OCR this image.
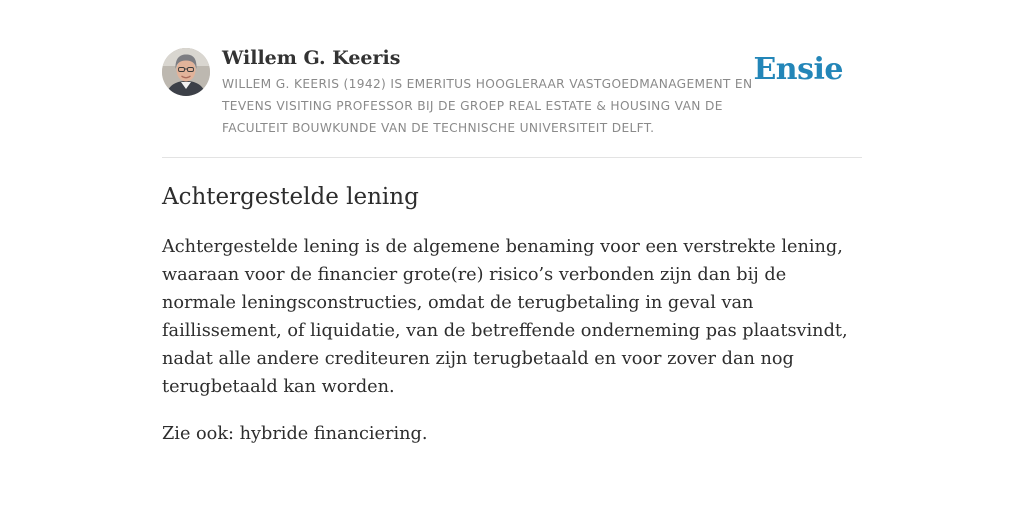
Willem G. Keeris

WILLEM G. KEERIS (1942) IS EMERITUS HOOGLERAAR VASTGOEDMANAGEMENT EN TEVENS VISITING PROFESSOR BIJ DE GROEP REAL ESTATE & HOUSING VAN DE FACULTEIT BOUWKUNDE VAN DE TECHNISCHE UNIVERSITEIT DELFT.

Ensie
Achtergestelde lening

Achtergestelde lening is de algemene benaming voor een verstrekte lening, waaraan voor de financier grote(re) risico’s verbonden zijn dan bij de normale leningsconstructies, omdat de terugbetaling in geval van faillissement, of liquidatie, van de betreffende onderneming pas plaatsvindt, nadat alle andere crediteuren zijn terugbetaald en voor zover dan nog terugbetaald kan worden.

Zie ook: hybride financiering.
